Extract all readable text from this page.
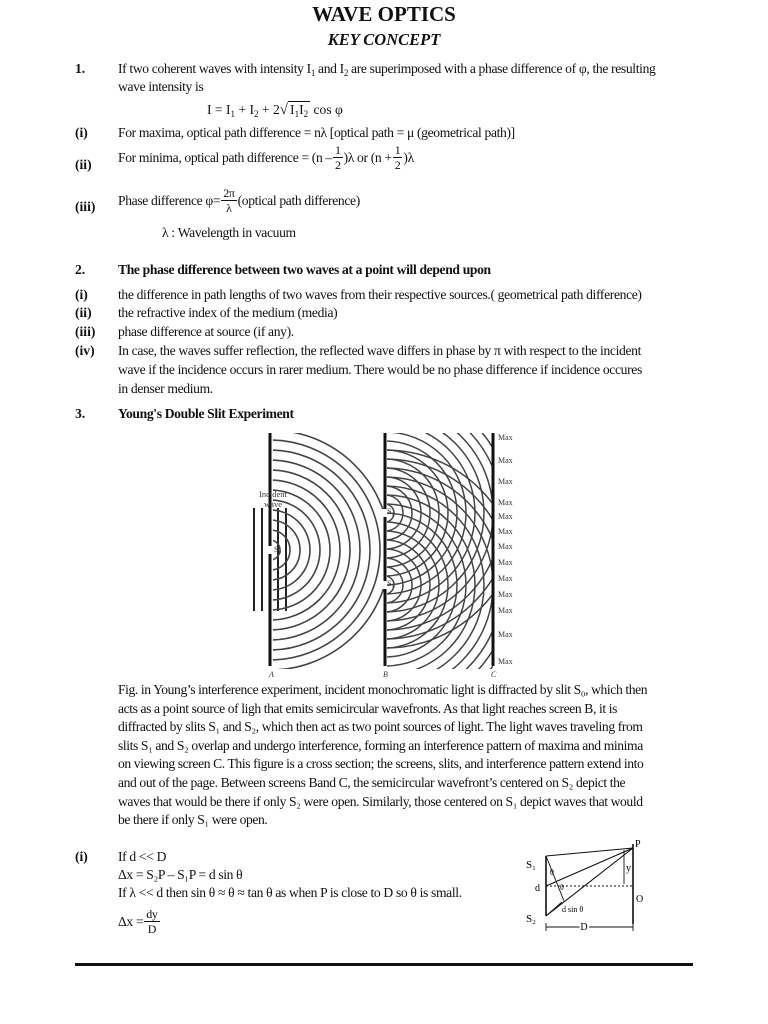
WAVE OPTICS
KEY CONCEPT
1. If two coherent waves with intensity $I_1$ and $I_2$ are superimposed with a phase difference of φ, the resulting
wave intensity is
$I = I_1 + I_2 + 2√$ $I_1I_2$ cos φ
(i) For maxima, optical path difference = nλ [optical path = μ (geometrical path)]
(ii) For minima, optical path difference = $(n - \frac{1}{2} )\lambda$ or $(n + \frac{1}{2} )\lambda$
(iii) Phase difference $\varphi= \frac{2\pi}{\lambda}$ (optical path difference)
λ : Wavelength in vacuum
2. The phase difference between two waves at a point will depend upon
(i) the difference in path lengths of two waves from their respective sources.( geometrical path difference)
(ii) the refractive index of the medium (media)
(iii) phase difference at source (if any).
(iv) In case, the waves suffer reflection, the reflected wave differs in phase by π with respect to the incident
wave if the incidence occurs in rarer medium. There would be no phase difference if incidence occures
in denser medium.
3. Young's Double Slit Experiment
Incident
wave
S₀
S₂
S₁
A	B	C
Max
Max
Max
Max
Max
Max
Max
Max
Max
Max
Max
Max
Max
Fig. in Young’s interference experiment, incident monochromatic light is diffracted by slit S₀, which then
acts as a point source of ligh that emits semicircular wavefronts. As that light reaches screen B, it is
diffracted by slits S₁ and S₂, which then act as two point sources of light. The light waves traveling from
slits S₁ and S₂ overlap and undergo interference, forming an interference pattern of maxima and minima
on viewing screen C. This figure is a cross section; the screens, slits, and interference pattern extend into
and out of the page. Between screens Band C, the semicircular wavefront’s centered on S₂ depict the
waves that would be there if only S₂ were open. Similarly, those centered on S₁ depict waves that would
be there if only S₁ were open.
(i) If d << D
Δx = S₂P – S₁P = d sin θ
If λ << d then sin θ ≈ θ ≈ tan θ as when P is close to D so θ is small.
$\Delta x = \frac{dy}{D}$
P
S₁
S₂
d
y
O
θ
θ
d sin θ
D
